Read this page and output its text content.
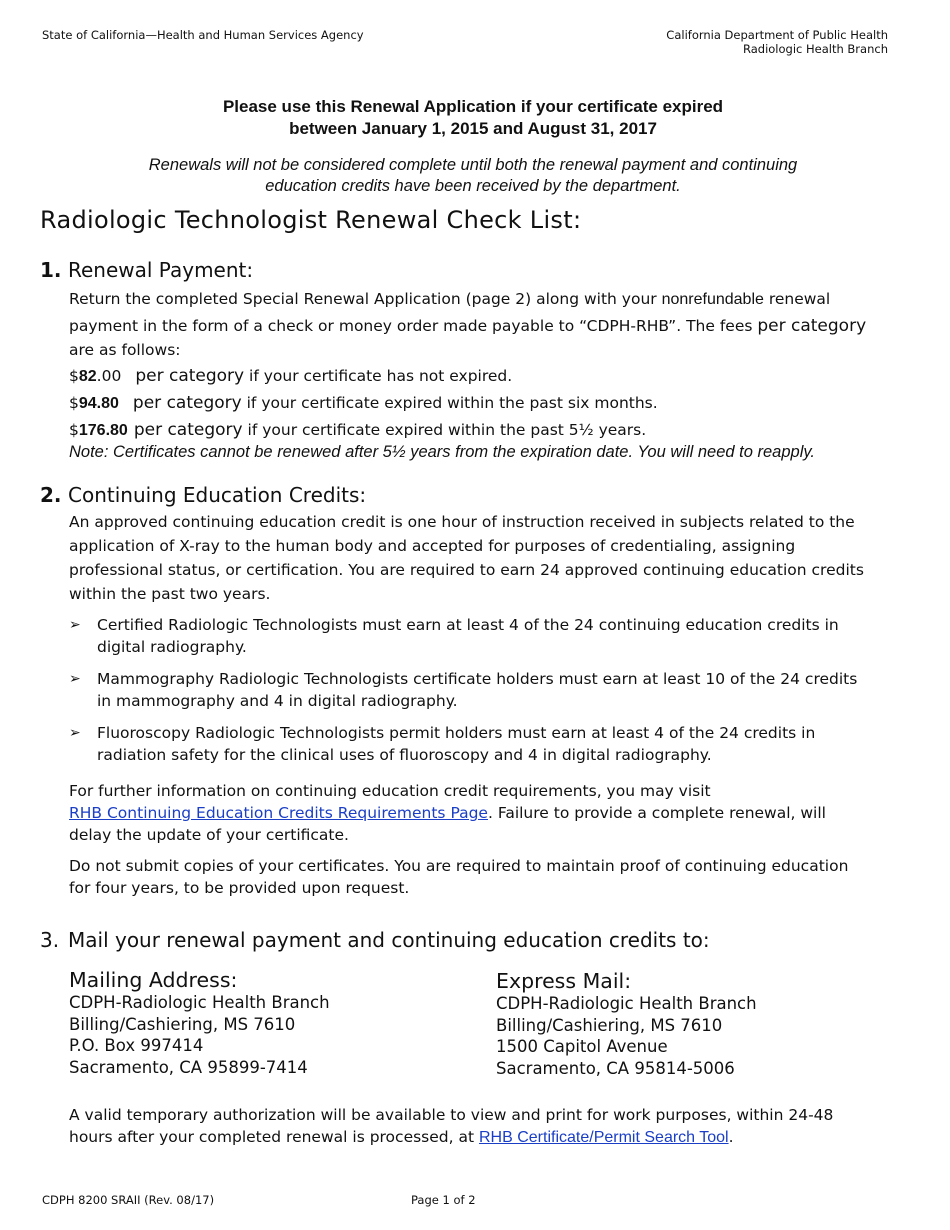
State of California—Health and Human Services Agency	California Department of Public Health
Radiologic Health Branch
Please use this Renewal Application if your certificate expired
between January 1, 2015 and August 31, 2017
Renewals will not be considered complete until both the renewal payment and continuing
education credits have been received by the department.
Radiologic Technologist Renewal Check List:
1. Renewal Payment:
Return the completed Special Renewal Application (page 2) along with your nonrefundable renewal
payment in the form of a check or money order made payable to “CDPH-RHB”. The fees per category
are as follows:
$82.00 per category if your certificate has not expired.
$94.80 per category if your certificate expired within the past six months.
$176.80 per category if your certificate expired within the past 5½ years.
Note: Certificates cannot be renewed after 5½ years from the expiration date. You will need to reapply.
2. Continuing Education Credits:
An approved continuing education credit is one hour of instruction received in subjects related to the
application of X-ray to the human body and accepted for purposes of credentialing, assigning
professional status, or certification. You are required to earn 24 approved continuing education credits
within the past two years.
➢	Certified Radiologic Technologists must earn at least 4 of the 24 continuing education credits in
digital radiography.
➢	Mammography Radiologic Technologists certificate holders must earn at least 10 of the 24 credits
in mammography and 4 in digital radiography.
➢	Fluoroscopy Radiologic Technologists permit holders must earn at least 4 of the 24 credits in
radiation safety for the clinical uses of fluoroscopy and 4 in digital radiography.
For further information on continuing education credit requirements, you may visit
RHB Continuing Education Credits Requirements Page. Failure to provide a complete renewal, will
delay the update of your certificate.
Do not submit copies of your certificates. You are required to maintain proof of continuing education
for four years, to be provided upon request.
3. Mail your renewal payment and continuing education credits to:
Mailing Address:
CDPH-Radiologic Health Branch
Billing/Cashiering, MS 7610
P.O. Box 997414
Sacramento, CA 95899-7414
Express Mail:
CDPH-Radiologic Health Branch
Billing/Cashiering, MS 7610
1500 Capitol Avenue
Sacramento, CA 95814-5006
A valid temporary authorization will be available to view and print for work purposes, within 24-48
hours after your completed renewal is processed, at RHB Certificate/Permit Search Tool.
CDPH 8200 SRAII (Rev. 08/17)	Page 1 of 2
